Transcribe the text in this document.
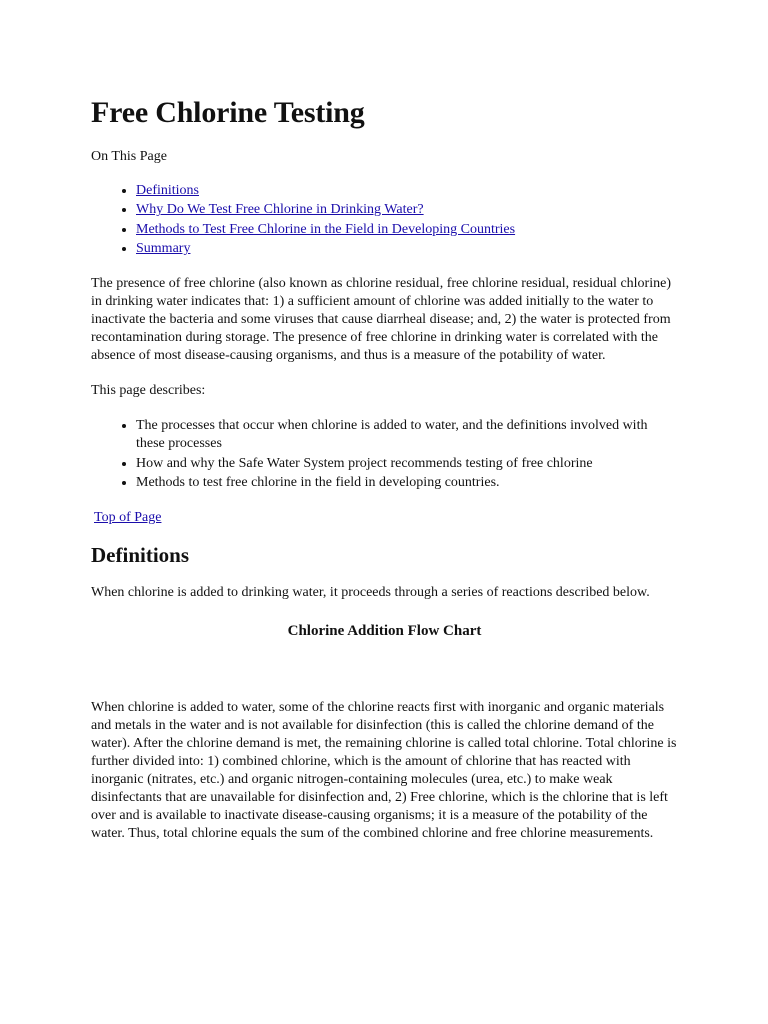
Free Chlorine Testing

On This Page

• Definitions
• Why Do We Test Free Chlorine in Drinking Water?
• Methods to Test Free Chlorine in the Field in Developing Countries
• Summary

The presence of free chlorine (also known as chlorine residual, free chlorine residual, residual chlorine) in drinking water indicates that: 1) a sufficient amount of chlorine was added initially to the water to inactivate the bacteria and some viruses that cause diarrheal disease; and, 2) the water is protected from recontamination during storage. The presence of free chlorine in drinking water is correlated with the absence of most disease-causing organisms, and thus is a measure of the potability of water.

This page describes:

• The processes that occur when chlorine is added to water, and the definitions involved with these processes
• How and why the Safe Water System project recommends testing of free chlorine
• Methods to test free chlorine in the field in developing countries.

Top of Page

Definitions

When chlorine is added to drinking water, it proceeds through a series of reactions described below.

Chlorine Addition Flow Chart

When chlorine is added to water, some of the chlorine reacts first with inorganic and organic materials and metals in the water and is not available for disinfection (this is called the chlorine demand of the water). After the chlorine demand is met, the remaining chlorine is called total chlorine. Total chlorine is further divided into: 1) combined chlorine, which is the amount of chlorine that has reacted with inorganic (nitrates, etc.) and organic nitrogen-containing molecules (urea, etc.) to make weak disinfectants that are unavailable for disinfection and, 2) Free chlorine, which is the chlorine that is left over and is available to inactivate disease-causing organisms; it is a measure of the potability of the water. Thus, total chlorine equals the sum of the combined chlorine and free chlorine measurements.
